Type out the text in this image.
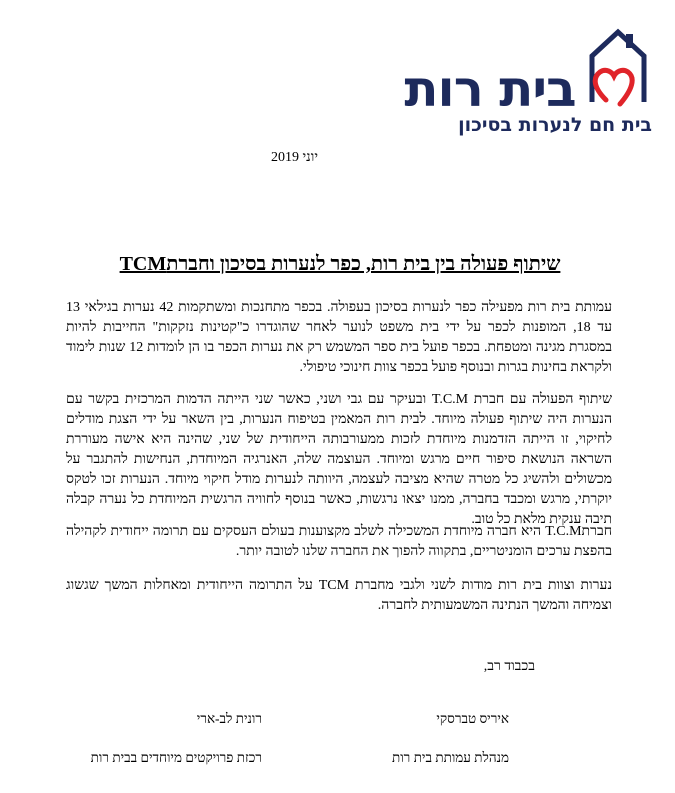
בית רות
בית חם לנערות בסיכון
יוני 2019
שיתוף פעולה בין בית רות, כפר לנערות בסיכון וחברתTCM
עמותת בית רות מפעילה כפר לנערות בסיכון בעפולה. בכפר מתחנכות ומשתקמות 42 נערות בגילאי 13 עד 18, המופנות לכפר על ידי בית משפט לנוער לאחר שהוגדרו כ"קטינות נזקקות" החייבות להיות במסגרת מגינה ומטפחת. בכפר פועל בית ספר המשמש רק את נערות הכפר בו הן לומדות 12 שנות לימוד ולקראת בחינות בגרות ובנוסף פועל בכפר צוות חינוכי טיפולי.
שיתוף הפעולה עם חברת T.C.M ובעיקר עם גבי ושני, כאשר שני הייתה הדמות המרכזית בקשר עם הנערות היה שיתוף פעולה מיוחד. לבית רות המאמין בטיפוח הנערות, בין השאר על ידי הצגת מודלים לחיקוי, זו הייתה הזדמנות מיוחדת לזכות ממעורבותה הייחודית של שני, שהינה היא אישה מעוררת השראה הנושאת סיפור חיים מרגש ומיוחד. העוצמה שלה, האנרגיה המיוחדת, הנחישות להתגבר על מכשולים ולהשיג כל מטרה שהיא מציבה לעצמה, היוותה לנערות מודל חיקוי מיוחד. הנערות זכו לטקס יוקרתי, מרגש ומכבד בחברה, ממנו יצאו נרגשות, כאשר בנוסף לחוויה הרגשית המיוחדת כל נערה קבלה תיבה ענקית מלאת כל טוב.
חברתT.C.M היא חברה מיוחדת המשכילה לשלב מקצוענות בעולם העסקים עם תרומה ייחודית לקהילה בהפצת ערכים הומניטריים, בתקווה להפוך את החברה שלנו לטובה יותר.
נערות וצוות בית רות מודות לשני ולגבי מחברת TCM על התרומה הייחודית ומאחלות המשך שגשוג וצמיחה והמשך הנתינה המשמעותית לחברה.
בכבוד רב,
איריס טברסקי
מנהלת עמותת בית רות
רונית לב-ארי
רכזת פרויקטים מיוחדים בבית רות
